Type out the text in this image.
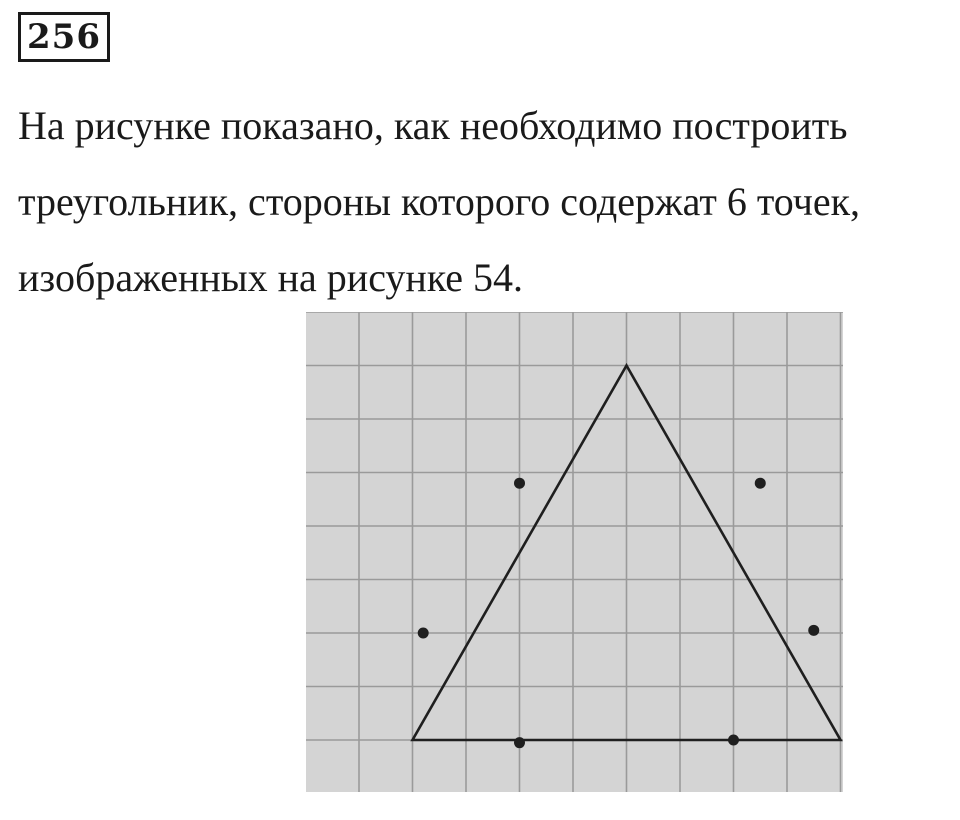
256

На рисунке показано, как необходимо построить
треугольник, стороны которого содержат 6 точек,
изображенных на рисунке 54.
